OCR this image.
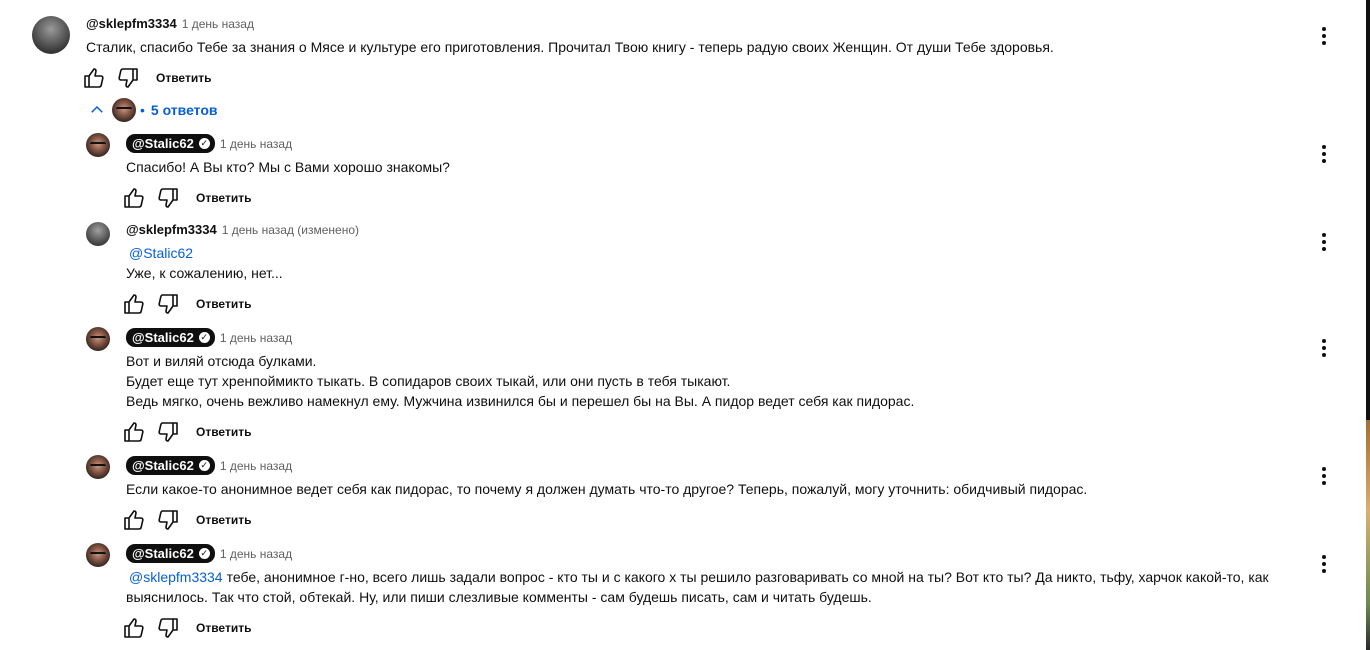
@sklepfm3334 1 день назад
Сталик, спасибо Тебе за знания о Мясе и культуре его приготовления. Прочитал Твою книгу - теперь радую своих Женщин. От души Тебе здоровья.
Ответить
• 5 ответов
@Stalic62 ✓ 1 день назад
Спасибо! А Вы кто? Мы с Вами хорошо знакомы?
Ответить
@sklepfm3334 1 день назад (изменено)
@Stalic62
Уже, к сожалению, нет...
Ответить
@Stalic62 ✓ 1 день назад
Вот и виляй отсюда булками.
Будет еще тут хренпоймикто тыкать. В сопидаров своих тыкай, или они пусть в тебя тыкают.
Ведь мягко, очень вежливо намекнул ему. Мужчина извинился бы и перешел бы на Вы. А пидор ведет себя как пидорас.
Ответить
@Stalic62 ✓ 1 день назад
Если какое-то анонимное ведет себя как пидорас, то почему я должен думать что-то другое? Теперь, пожалуй, могу уточнить: обидчивый пидорас.
Ответить
@Stalic62 ✓ 1 день назад
@sklepfm3334 тебе, анонимное г-но, всего лишь задали вопрос - кто ты и с какого х ты решило разговаривать со мной на ты? Вот кто ты? Да никто, тьфу, харчок какой-то, как выяснилось. Так что стой, обтекай. Ну, или пиши слезливые комменты - сам будешь писать, сам и читать будешь.
Ответить
